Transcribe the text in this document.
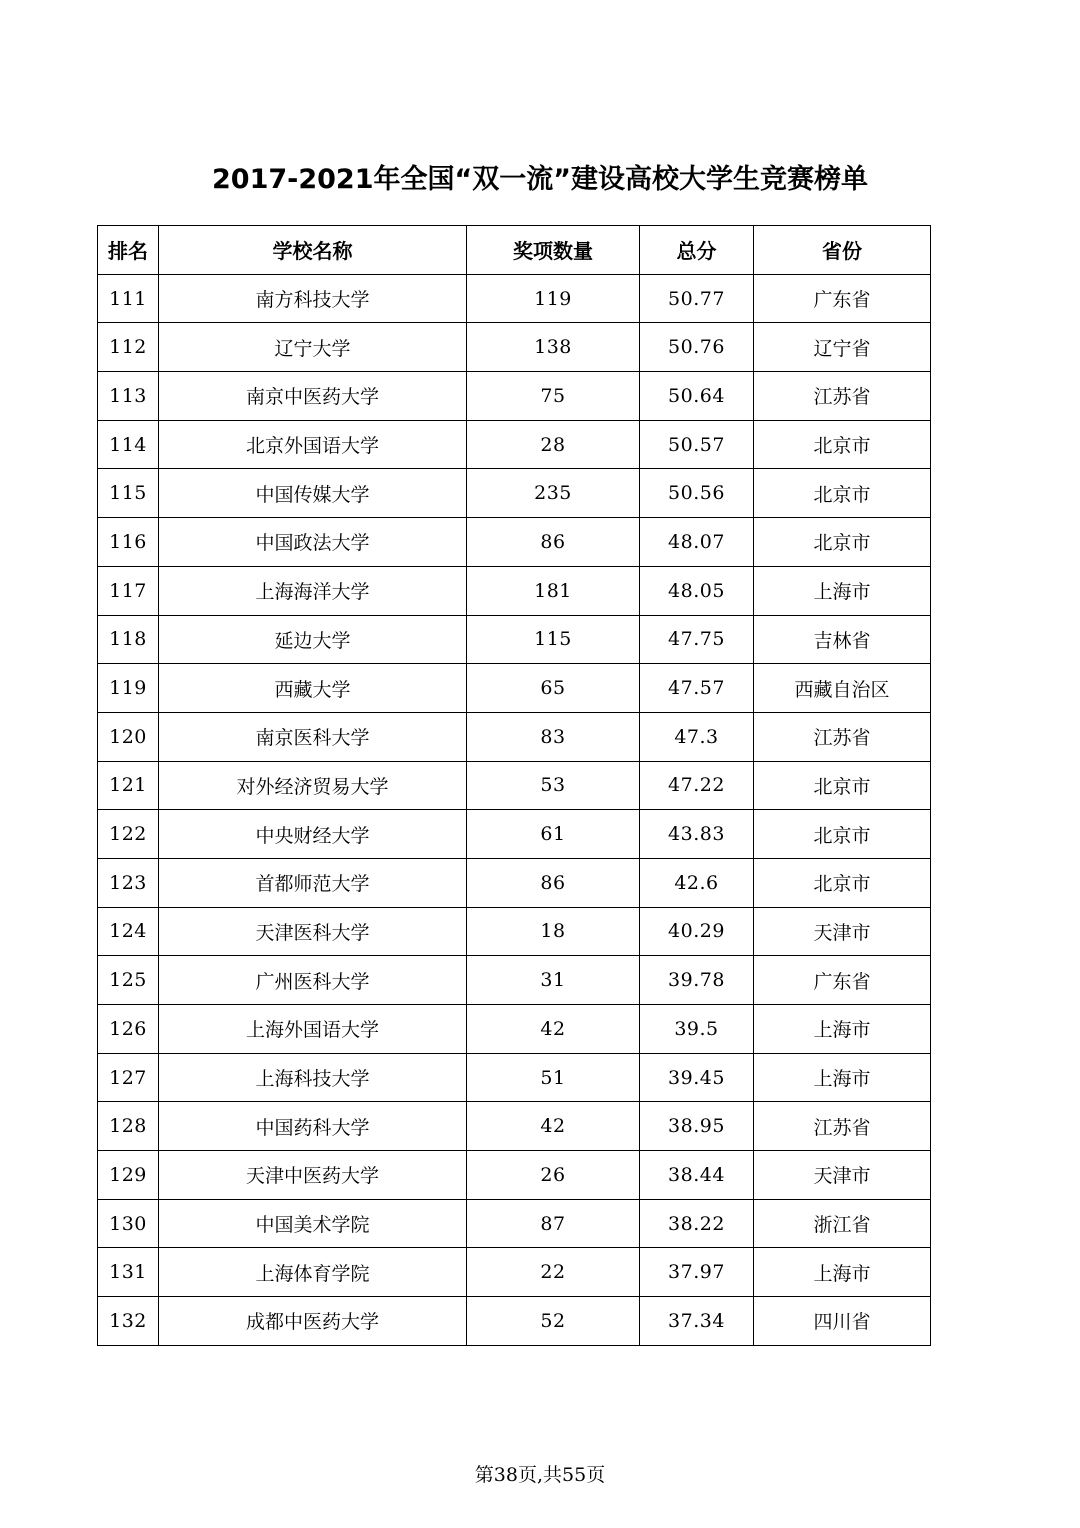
2017-2021年全国“双一流”建设高校大学生竞赛榜单
排名	学校名称	奖项数量	总分	省份
111	南方科技大学	119	50.77	广东省
112	辽宁大学	138	50.76	辽宁省
113	南京中医药大学	75	50.64	江苏省
114	北京外国语大学	28	50.57	北京市
115	中国传媒大学	235	50.56	北京市
116	中国政法大学	86	48.07	北京市
117	上海海洋大学	181	48.05	上海市
118	延边大学	115	47.75	吉林省
119	西藏大学	65	47.57	西藏自治区
120	南京医科大学	83	47.3	江苏省
121	对外经济贸易大学	53	47.22	北京市
122	中央财经大学	61	43.83	北京市
123	首都师范大学	86	42.6	北京市
124	天津医科大学	18	40.29	天津市
125	广州医科大学	31	39.78	广东省
126	上海外国语大学	42	39.5	上海市
127	上海科技大学	51	39.45	上海市
128	中国药科大学	42	38.95	江苏省
129	天津中医药大学	26	38.44	天津市
130	中国美术学院	87	38.22	浙江省
131	上海体育学院	22	37.97	上海市
132	成都中医药大学	52	37.34	四川省
第38页,共55页
